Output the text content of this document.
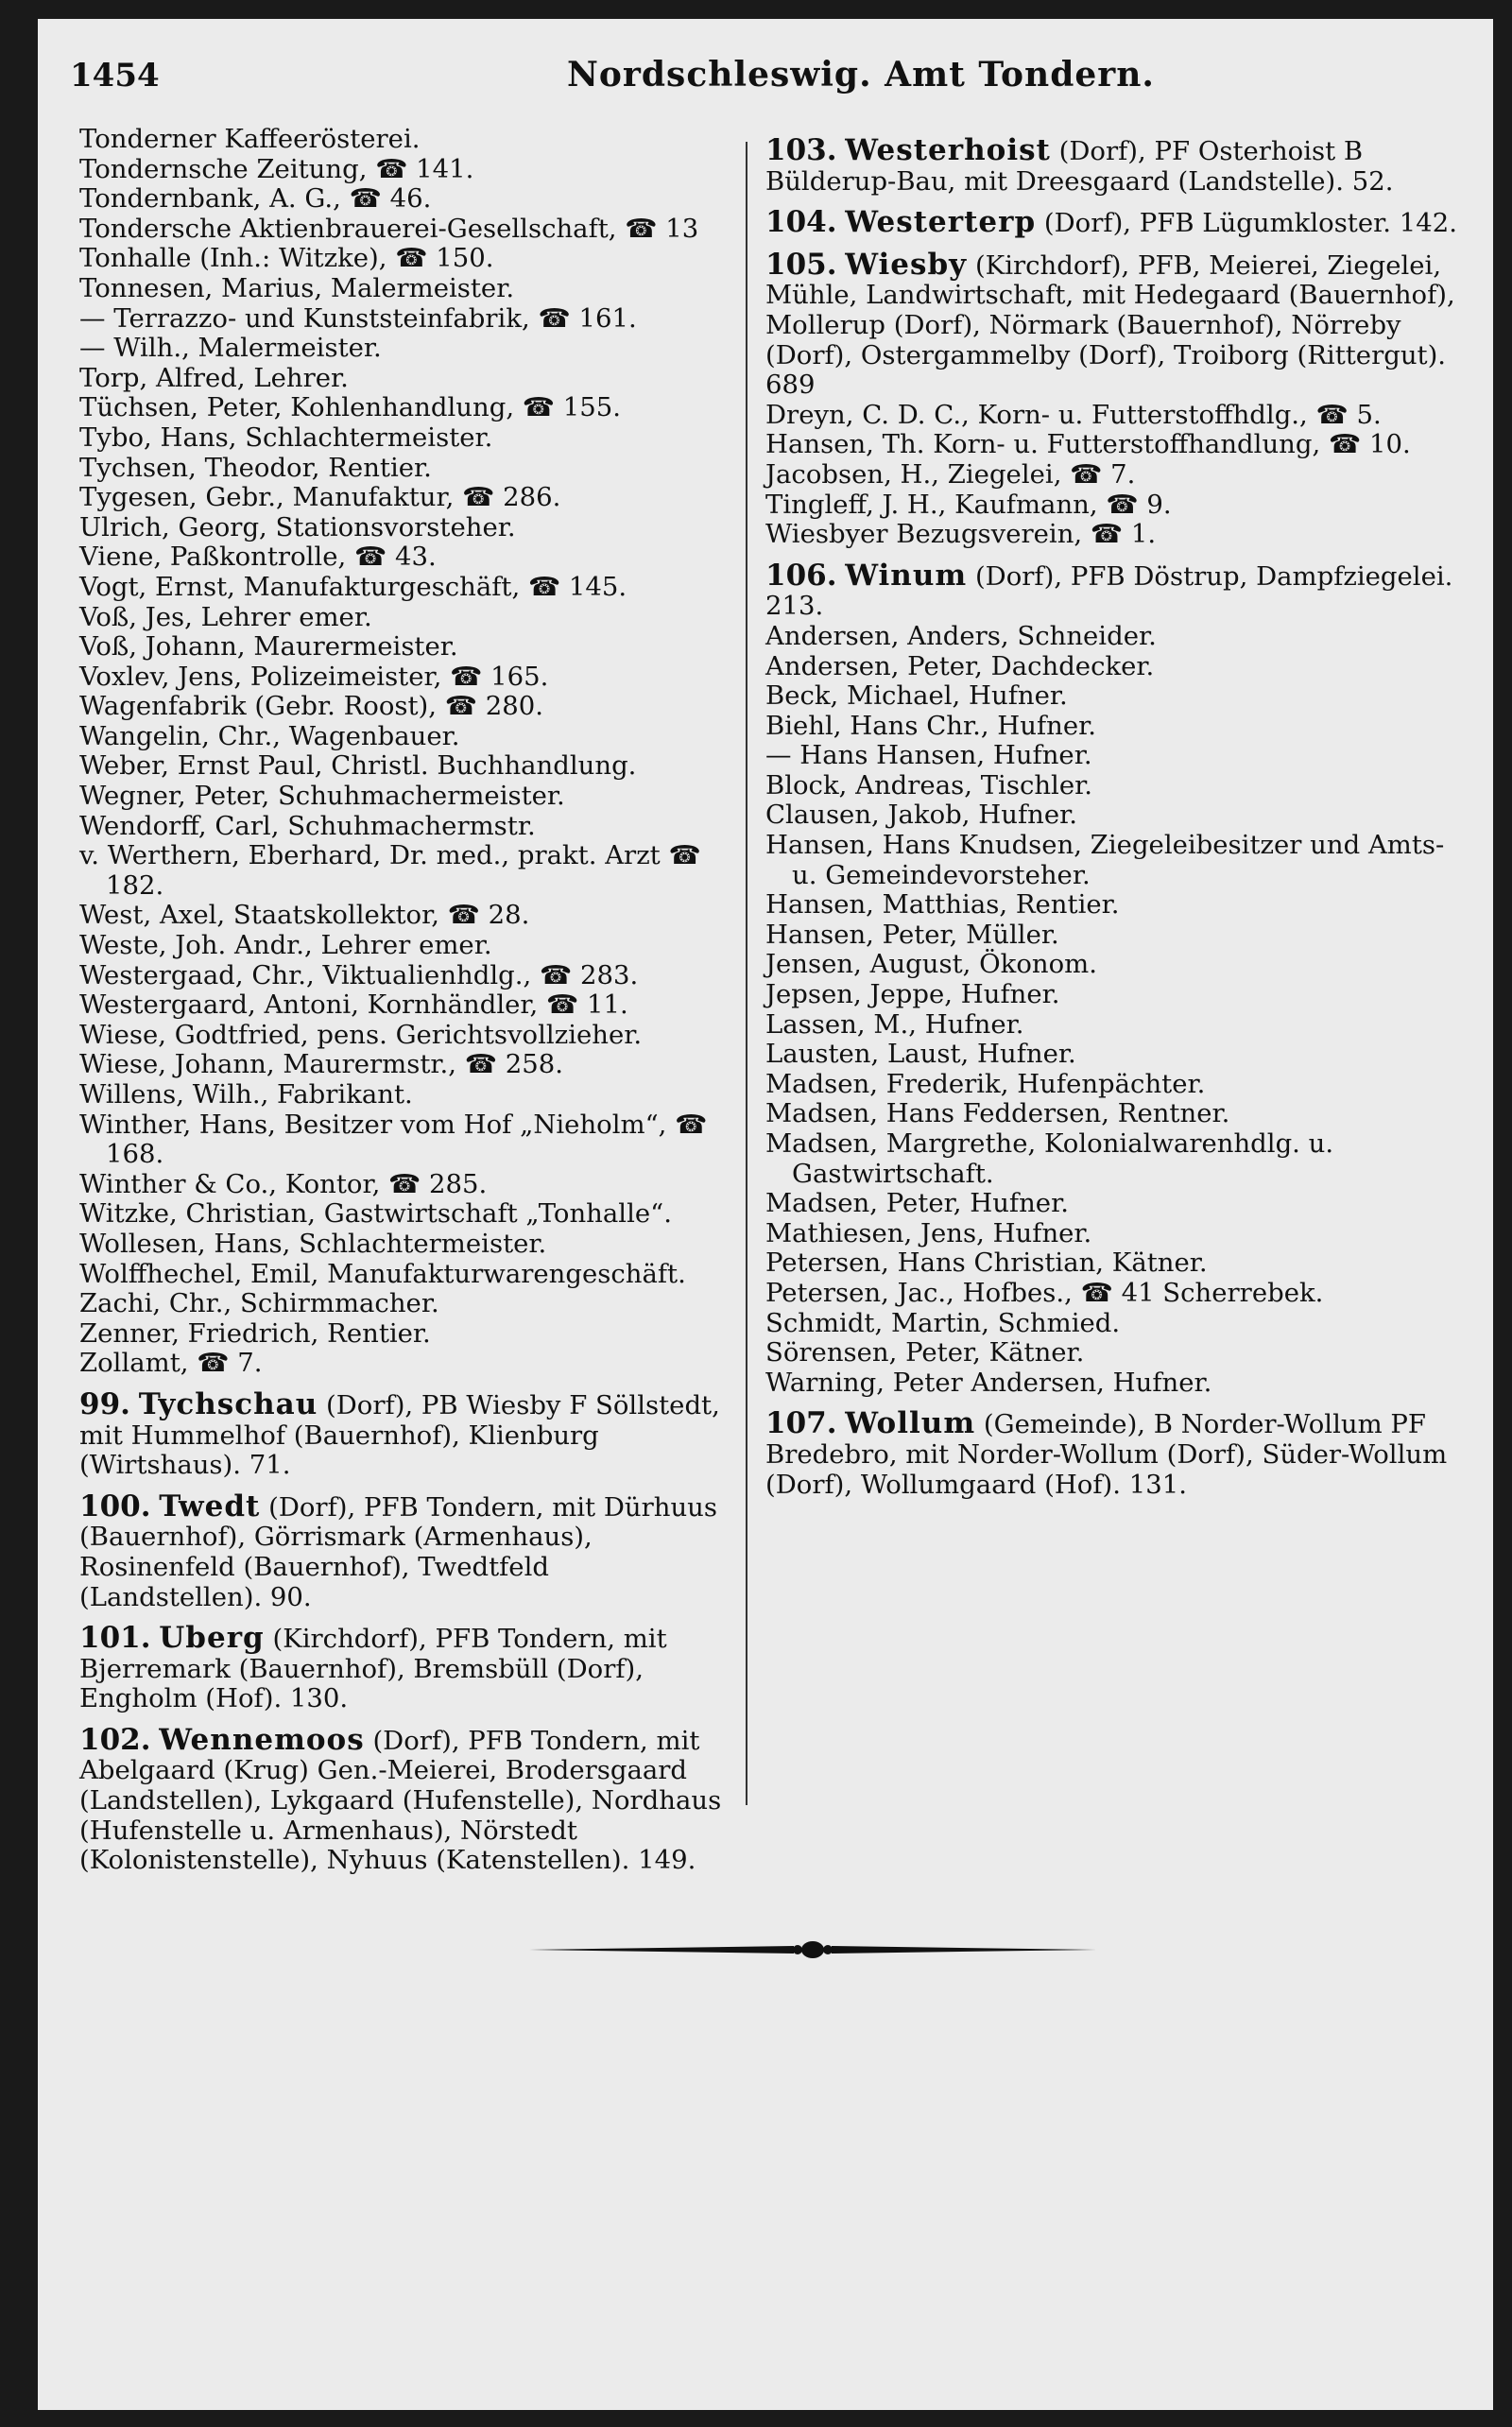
1454	Nordschleswig. Amt Tondern.
Tonderner Kaffeerösterei.
Tondernsche Zeitung, ☎ 141.
Tondernbank, A. G., ☎ 46.
Tondersche Aktienbrauerei-Gesellschaft, ☎ 13
Tonhalle (Inh.: Witzke), ☎ 150.
Tonnesen, Marius, Malermeister.
— Terrazzo- und Kunststeinfabrik, ☎ 161.
— Wilh., Malermeister.
Torp, Alfred, Lehrer.
Tüchsen, Peter, Kohlenhandlung, ☎ 155.
Tybo, Hans, Schlachtermeister.
Tychsen, Theodor, Rentier.
Tygesen, Gebr., Manufaktur, ☎ 286.
Ulrich, Georg, Stationsvorsteher.
Viene, Paßkontrolle, ☎ 43.
Vogt, Ernst, Manufakturgeschäft, ☎ 145.
Voß, Jes, Lehrer emer.
Voß, Johann, Maurermeister.
Voxlev, Jens, Polizeimeister, ☎ 165.
Wagenfabrik (Gebr. Roost), ☎ 280.
Wangelin, Chr., Wagenbauer.
Weber, Ernst Paul, Christl. Buchhandlung.
Wegner, Peter, Schuhmachermeister.
Wendorff, Carl, Schuhmachermstr.
v. Werthern, Eberhard, Dr. med., prakt. Arzt ☎ 182.
West, Axel, Staatskollektor, ☎ 28.
Weste, Joh. Andr., Lehrer emer.
Westergaad, Chr., Viktualienhdlg., ☎ 283.
Westergaard, Antoni, Kornhändler, ☎ 11.
Wiese, Godtfried, pens. Gerichtsvollzieher.
Wiese, Johann, Maurermstr., ☎ 258.
Willens, Wilh., Fabrikant.
Winther, Hans, Besitzer vom Hof „Nieholm“, ☎ 168.
Winther & Co., Kontor, ☎ 285.
Witzke, Christian, Gastwirtschaft „Tonhalle“.
Wollesen, Hans, Schlachtermeister.
Wolffhechel, Emil, Manufakturwarengeschäft.
Zachi, Chr., Schirmmacher.
Zenner, Friedrich, Rentier.
Zollamt, ☎ 7.
99. Tychschau (Dorf), PB Wiesby F Söllstedt, mit Hummelhof (Bauernhof), Klienburg (Wirtshaus). 71.
100. Twedt (Dorf), PFB Tondern, mit Dürhuus (Bauernhof), Görrismark (Armenhaus), Rosinenfeld (Bauernhof), Twedtfeld (Landstellen). 90.
101. Uberg (Kirchdorf), PFB Tondern, mit Bjerremark (Bauernhof), Bremsbüll (Dorf), Engholm (Hof). 130.
102. Wennemoos (Dorf), PFB Tondern, mit Abelgaard (Krug) Gen.-Meierei, Brodersgaard (Landstellen), Lykgaard (Hufenstelle), Nordhaus (Hufenstelle u. Armenhaus), Nörstedt (Kolonistenstelle), Nyhuus (Katenstellen). 149.
103. Westerhoist (Dorf), PF Osterhoist B Bülderup-Bau, mit Dreesgaard (Landstelle). 52.
104. Westerterp (Dorf), PFB Lügumkloster. 142.
105. Wiesby (Kirchdorf), PFB, Meierei, Ziegelei, Mühle, Landwirtschaft, mit Hedegaard (Bauernhof), Mollerup (Dorf), Nörmark (Bauernhof), Nörreby (Dorf), Ostergammelby (Dorf), Troiborg (Rittergut). 689
Dreyn, C. D. C., Korn- u. Futterstoffhdlg., ☎ 5.
Hansen, Th. Korn- u. Futterstoffhandlung, ☎ 10.
Jacobsen, H., Ziegelei, ☎ 7.
Tingleff, J. H., Kaufmann, ☎ 9.
Wiesbyer Bezugsverein, ☎ 1.
106. Winum (Dorf), PFB Döstrup, Dampfziegelei. 213.
Andersen, Anders, Schneider.
Andersen, Peter, Dachdecker.
Beck, Michael, Hufner.
Biehl, Hans Chr., Hufner.
— Hans Hansen, Hufner.
Block, Andreas, Tischler.
Clausen, Jakob, Hufner.
Hansen, Hans Knudsen, Ziegeleibesitzer und Amts- u. Gemeindevorsteher.
Hansen, Matthias, Rentier.
Hansen, Peter, Müller.
Jensen, August, Ökonom.
Jepsen, Jeppe, Hufner.
Lassen, M., Hufner.
Lausten, Laust, Hufner.
Madsen, Frederik, Hufenpächter.
Madsen, Hans Feddersen, Rentner.
Madsen, Margrethe, Kolonialwarenhdlg. u. Gastwirtschaft.
Madsen, Peter, Hufner.
Mathiesen, Jens, Hufner.
Petersen, Hans Christian, Kätner.
Petersen, Jac., Hofbes., ☎ 41 Scherrebek.
Schmidt, Martin, Schmied.
Sörensen, Peter, Kätner.
Warning, Peter Andersen, Hufner.
107. Wollum (Gemeinde), B Norder-Wollum PF Bredebro, mit Norder-Wollum (Dorf), Süder-Wollum (Dorf), Wollumgaard (Hof). 131.
